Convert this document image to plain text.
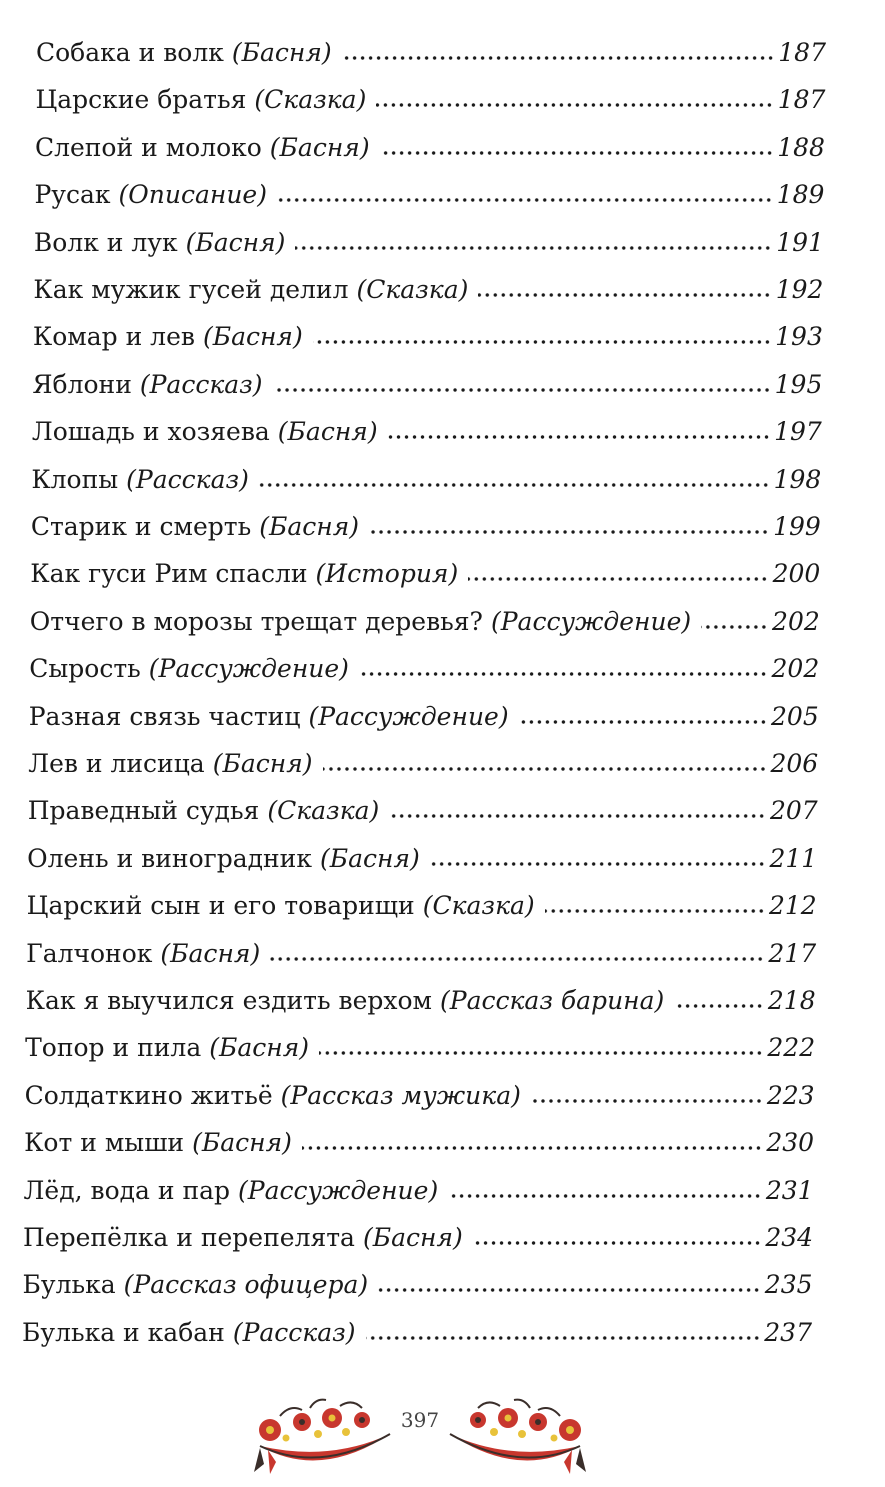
Собака и волк (Басня)	187
Царские братья (Сказка)	187
Слепой и молоко (Басня)	188
Русак (Описание)	189
Волк и лук (Басня)	191
Как мужик гусей делил (Сказка)	192
Комар и лев (Басня)	193
Яблони (Рассказ)	195
Лошадь и хозяева (Басня)	197
Клопы (Рассказ)	198
Старик и смерть (Басня)	199
Как гуси Рим спасли (История)	200
Отчего в морозы трещат деревья? (Рассуждение)	202
Сырость (Рассуждение)	202
Разная связь частиц (Рассуждение)	205
Лев и лисица (Басня)	206
Праведный судья (Сказка)	207
Олень и виноградник (Басня)	211
Царский сын и его товарищи (Сказка)	212
Галчонок (Басня)	217
Как я выучился ездить верхом (Рассказ барина)	218
Топор и пила (Басня)	222
Солдаткино житьё (Рассказ мужика)	223
Кот и мыши (Басня)	230
Лёд, вода и пар (Рассуждение)	231
Перепёлка и перепелята (Басня)	234
Булька (Рассказ офицера)	235
Булька и кабан (Рассказ)	237
397
